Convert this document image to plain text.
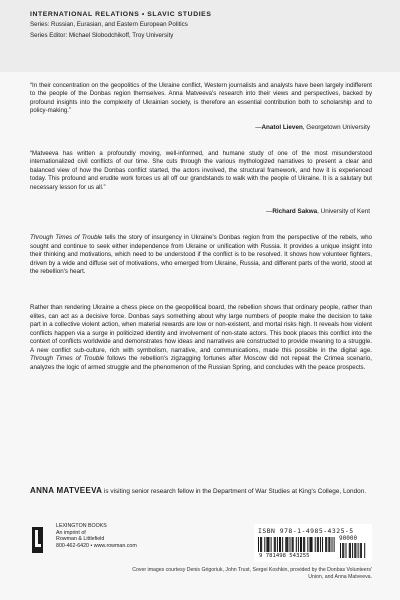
INTERNATIONAL RELATIONS • SLAVIC STUDIES
Series: Russian, Eurasian, and Eastern European Politics
Series Editor: Michael Slobodchikoff, Troy University
“In their concentration on the geopolitics of the Ukraine conflict, Western journalists and analysts have been largely indifferent to the people of the Donbas region themselves. Anna Matveeva's research into their views and perspectives, backed by profound insights into the complexity of Ukrainian society, is therefore an essential contribution both to scholarship and to policy-making.”
—Anatol Lieven, Georgetown University
“Matveeva has written a profoundly moving, well-informed, and humane study of one of the most misunderstood internationalized civil conflicts of our time. She cuts through the various mythologized narratives to present a clear and balanced view of how the Donbas conflict started, the actors involved, the structural framework, and how it is experienced today. This profound and erudite work forces us all off our grandstands to walk with the people of Ukraine. It is a salutary but necessary lesson for us all.”
—Richard Sakwa, University of Kent
Through Times of Trouble tells the story of insurgency in Ukraine's Donbas region from the perspective of the rebels, who sought and continue to seek either independence from Ukraine or unification with Russia. It provides a unique insight into their thinking and motivations, which need to be understood if the conflict is to be resolved. It shows how volunteer fighters, driven by a wide and diffuse set of motivations, who emerged from Ukraine, Russia, and different parts of the world, stood at the rebellion's heart.
Rather than rendering Ukraine a chess piece on the geopolitical board, the rebellion shows that ordinary people, rather than elites, can act as a decisive force. Donbas says something about why large numbers of people make the decision to take part in a collective violent action, when material rewards are low or non-existent, and mortal risks high. It reveals how violent conflicts happen via a surge in politicized identity and involvement of non-state actors. This book places this conflict into the context of conflicts worldwide and demonstrates how ideas and narratives are constructed to provide meaning to a struggle. A new conflict sub-culture, rich with symbolism, narrative, and communications, made this possible in the digital age. Through Times of Trouble follows the rebellion's zigzagging fortunes after Moscow did not repeat the Crimea scenario, analyzes the logic of armed struggle and the phenomenon of the Russian Spring, and concludes with the peace prospects.
ANNA MATVEEVA is visiting senior research fellow in the Department of War Studies at King's College, London.
LEXINGTON BOOKS
An imprint of
Rowman & Littlefield
800-462-6420 • www.rowman.com
ISBN 978-1-4985-4325-5
90000
9 781498 543255
Cover images courtesy Denis Grigoriuk, John Trust, Sergei Koshkin, provided by the Donbas Volunteers' Union, and Anna Matveeva.
